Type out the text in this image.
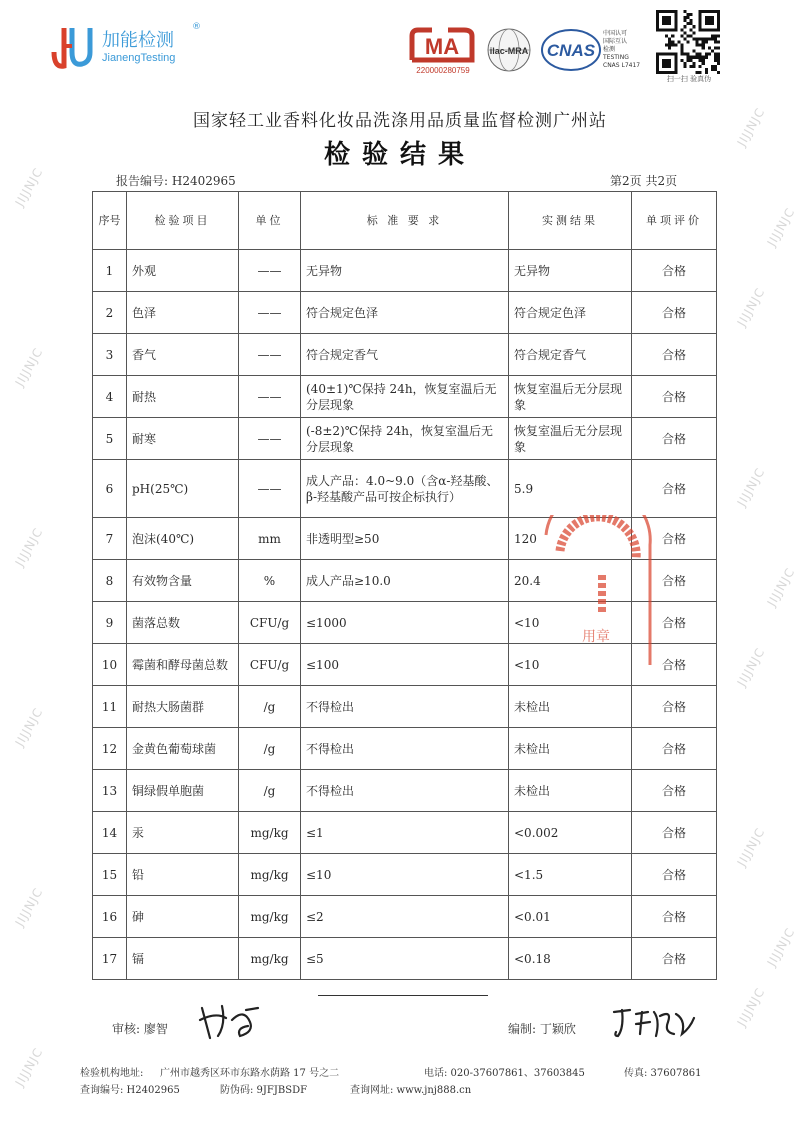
JIJJNJC
JIJJNJC
JIJJNJC
JIJJNJC
JIJJNJC
JIJJNJC
JIJJNJC
JIJJNJC
JIJJNJC
JIJJNJC
JIJJNJC
JIJJNJC
JIJJNJC
JIJJNJC
JIJJNJC
加能检测
®
JianengTesting	MA
220000280759
ilac-MRA CNAS
中国认可
国际互认
检测
TESTING
CNAS L7417
扫一扫 验真伪
国家轻工业香料化妆品洗涤用品质量监督检测广州站
检验结果
报告编号: H2402965	第2页 共2页
序号	检验项目	单位	标 准 要 求	实测结果	单项评价
1	外观	——	无异物	无异物	合格
2	色泽	——	符合规定色泽	符合规定色泽	合格
3	香气	——	符合规定香气	符合规定香气	合格
4	耐热	——	(40±1)℃保持 24h，恢复室温后无分层现象	恢复室温后无分层现象	合格
5	耐寒	——	(-8±2)℃保持 24h，恢复室温后无分层现象	恢复室温后无分层现象	合格
6	pH(25℃)	——	成人产品：4.0~9.0（含α-羟基酸、β-羟基酸产品可按企标执行）	5.9	合格
7	泡沫(40℃)	mm	非透明型≥50	120	合格
8	有效物含量	%	成人产品≥10.0	20.4	合格
9	菌落总数	CFU/g	≤1000	<10	合格
10	霉菌和酵母菌总数	CFU/g	≤100	<10	合格
11	耐热大肠菌群	/g	不得检出	未检出	合格
12	金黄色葡萄球菌	/g	不得检出	未检出	合格
13	铜绿假单胞菌	/g	不得检出	未检出	合格
14	汞	mg/kg	≤1	<0.002	合格
15	铅	mg/kg	≤10	<1.5	合格
16	砷	mg/kg	≤2	<0.01	合格
17	镉	mg/kg	≤5	<0.18	合格
用章
审核: 廖智	编制: 丁颖欣
检验机构地址: 广州市越秀区环市东路水荫路 17 号之二	电话: 020-37607861、37603845	传真: 37607861
查询编号: H2402965	防伪码: 9JFJBSDF	查询网址: www.jnj888.cn
